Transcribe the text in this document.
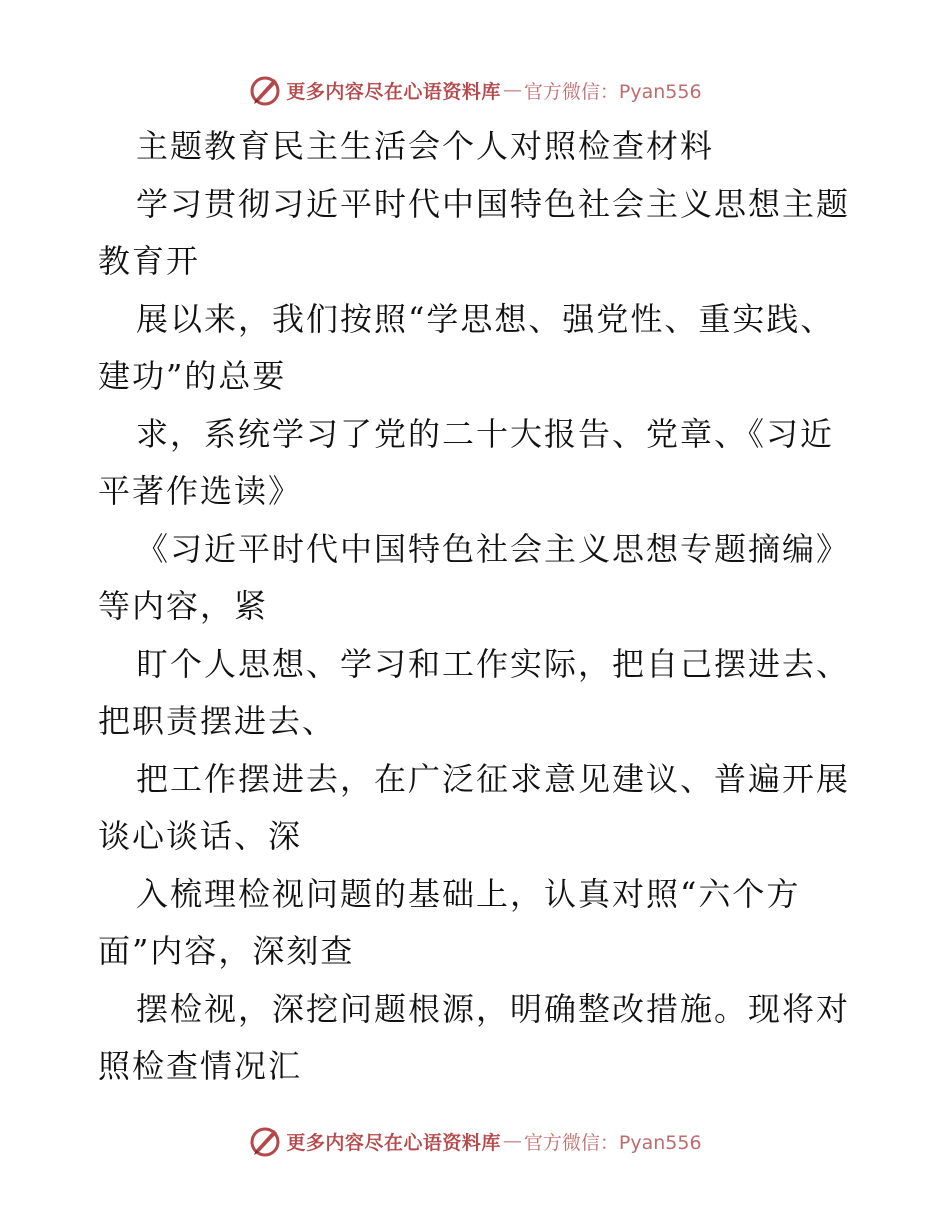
更多内容尽在心语资料库 — 官方微信：Pyan556
主题教育民主生活会个人对照检查材料
学习贯彻习近平时代中国特色社会主义思想主题
教育开
展以来，我们按照“学思想、强党性、重实践、
建功”的总要
求，系统学习了党的二十大报告、党章、《习近
平著作选读》
《习近平时代中国特色社会主义思想专题摘编》
等内容，紧
盯个人思想、学习和工作实际，把自己摆进去、
把职责摆进去、
把工作摆进去，在广泛征求意见建议、普遍开展
谈心谈话、深
入梳理检视问题的基础上，认真对照“六个方
面”内容，深刻查
摆检视，深挖问题根源，明确整改措施。现将对
照检查情况汇
更多内容尽在心语资料库 — 官方微信：Pyan556
